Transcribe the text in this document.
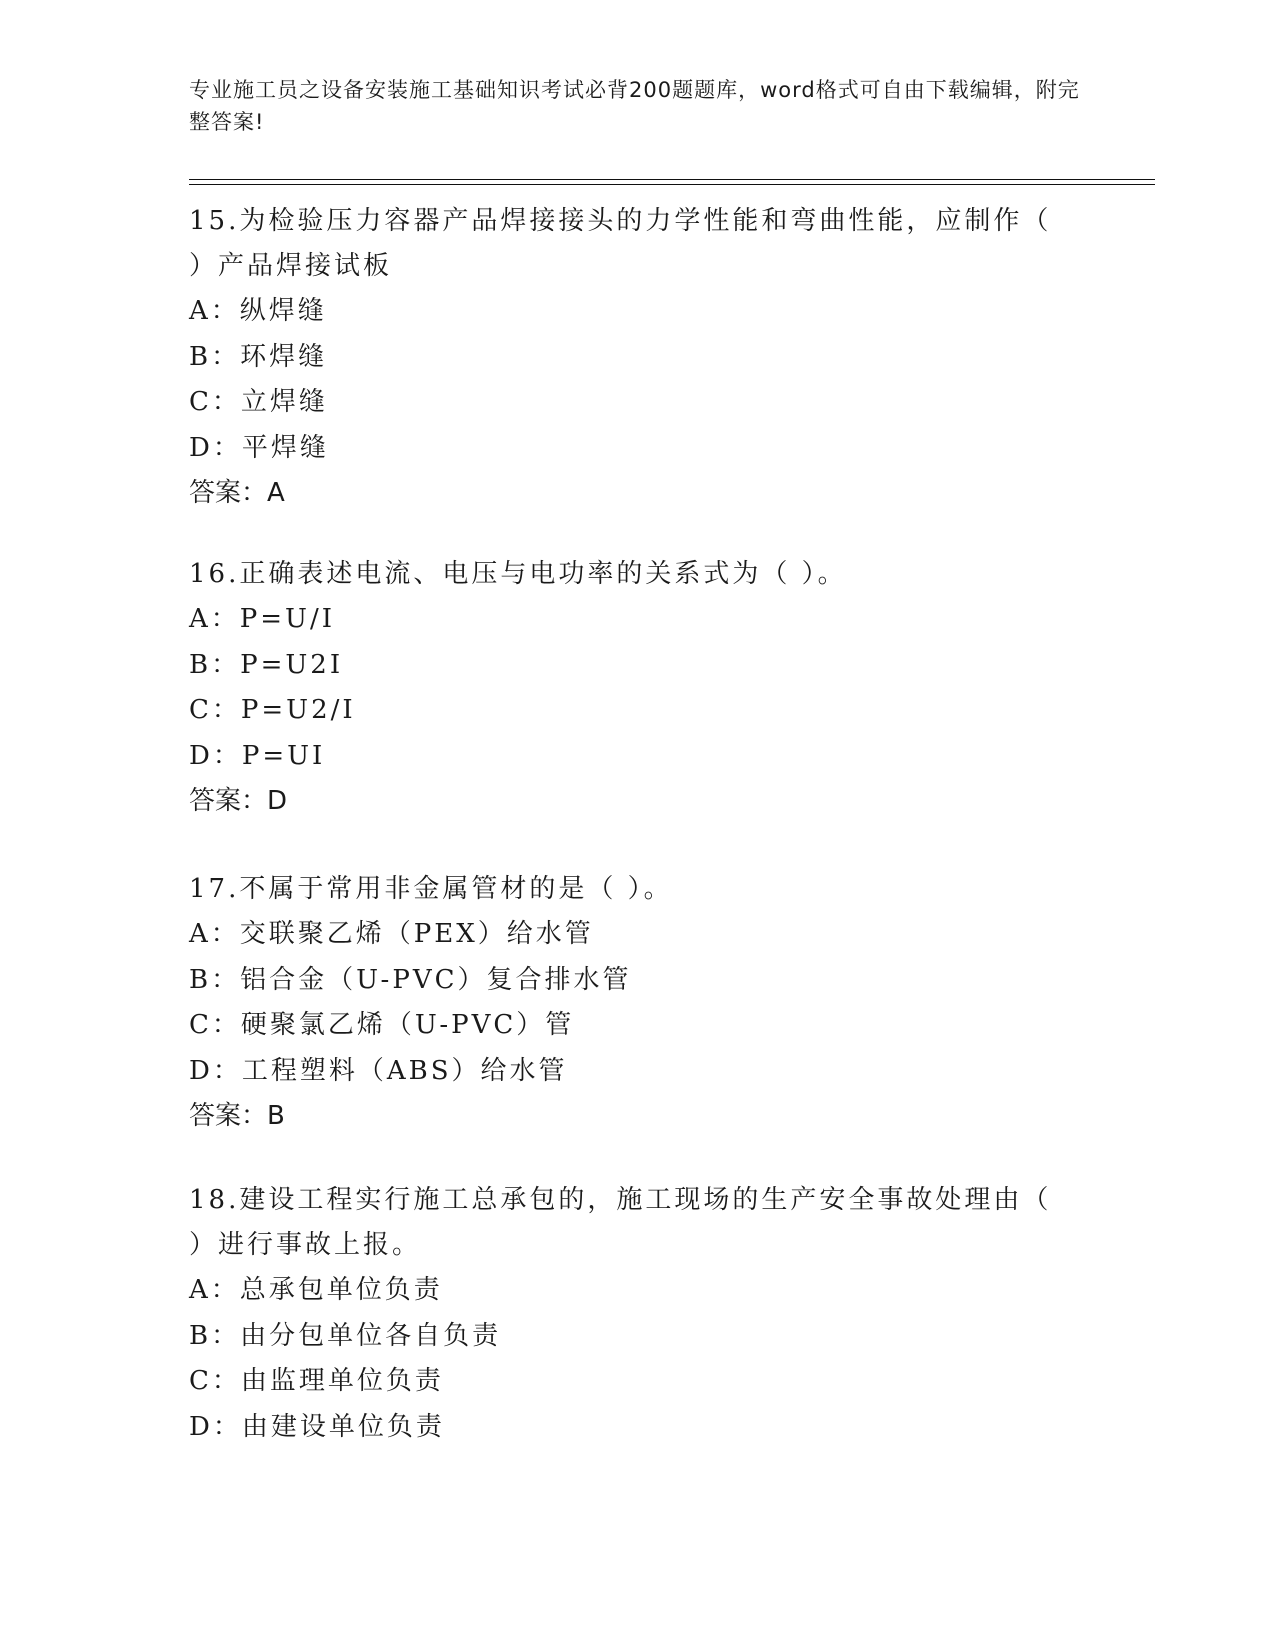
专业施工员之设备安装施工基础知识考试必背200题题库，word格式可自由下载编辑，附完整答案!

15.为检验压力容器产品焊接接头的力学性能和弯曲性能，应制作（ ）产品焊接试板

A：纵焊缝

B：环焊缝

C：立焊缝

D：平焊缝

答案：A

16.正确表述电流、电压与电功率的关系式为（ ）。

A：P=U/I

B：P=U2I

C：P=U2/I

D：P=UI

答案：D

17.不属于常用非金属管材的是（ ）。

A：交联聚乙烯（PEX）给水管

B：铝合金（U-PVC）复合排水管

C：硬聚氯乙烯（U-PVC）管

D：工程塑料（ABS）给水管

答案：B

18.建设工程实行施工总承包的，施工现场的生产安全事故处理由（ ）进行事故上报。

A：总承包单位负责

B：由分包单位各自负责

C：由监理单位负责

D：由建设单位负责
